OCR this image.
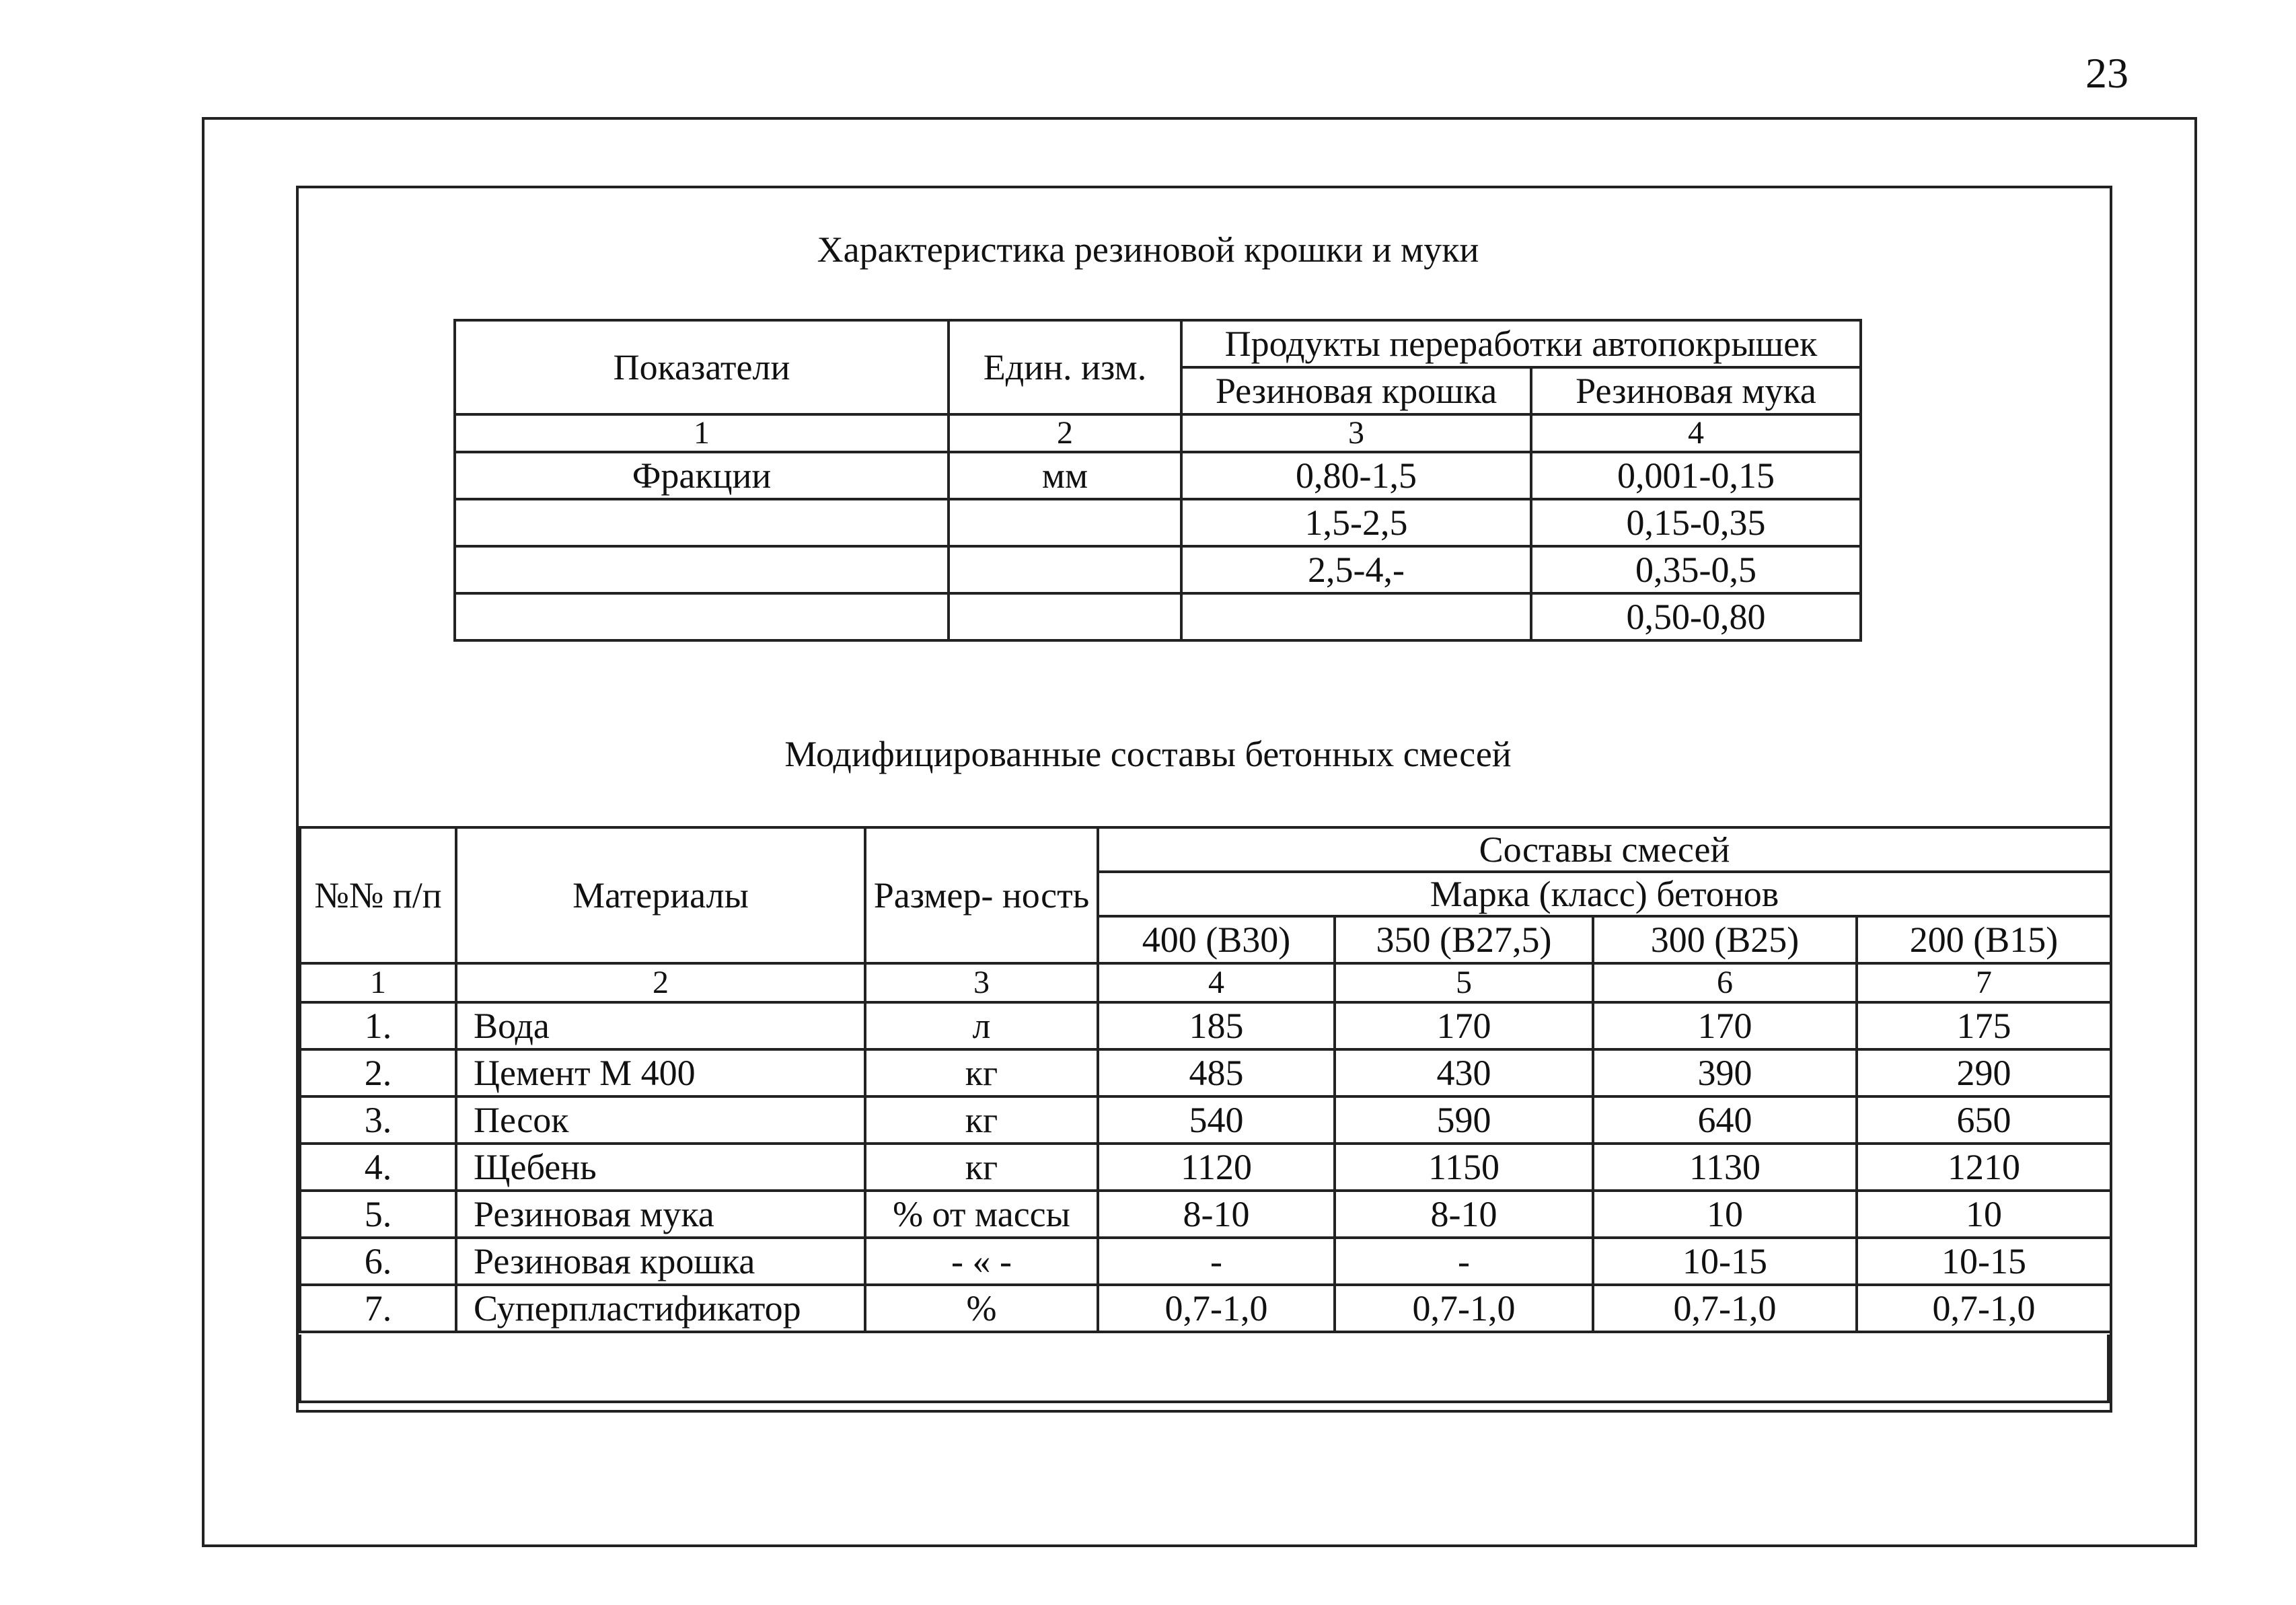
23
Характеристика резиновой крошки и муки
Показатели	Един. изм.	Продукты переработки автопокрышек	
		Резиновая крошка	Резиновая мука
1	2	3	4
Фракции	мм	0,80-1,5	0,001-0,15
		1,5-2,5	0,15-0,35
		2,5-4,-	0,35-0,5
			0,50-0,80
Модифицированные составы бетонных смесей
№№ п/п	Материалы	Размер- ность	Составы смесей			
			Марка (класс) бетонов			
			400 (В30)	350 (В27,5)	300 (В25)	200 (В15)
1	2	3	4	5	6	7
1.	Вода	л	185	170	170	175
2.	Цемент М 400	кг	485	430	390	290
3.	Песок	кг	540	590	640	650
4.	Щебень	кг	1120	1150	1130	1210
5.	Резиновая мука	% от массы	8-10	8-10	10	10
6.	Резиновая крошка	- « -	-	-	10-15	10-15
7.	Суперпластификатор	%	0,7-1,0	0,7-1,0	0,7-1,0	0,7-1,0
